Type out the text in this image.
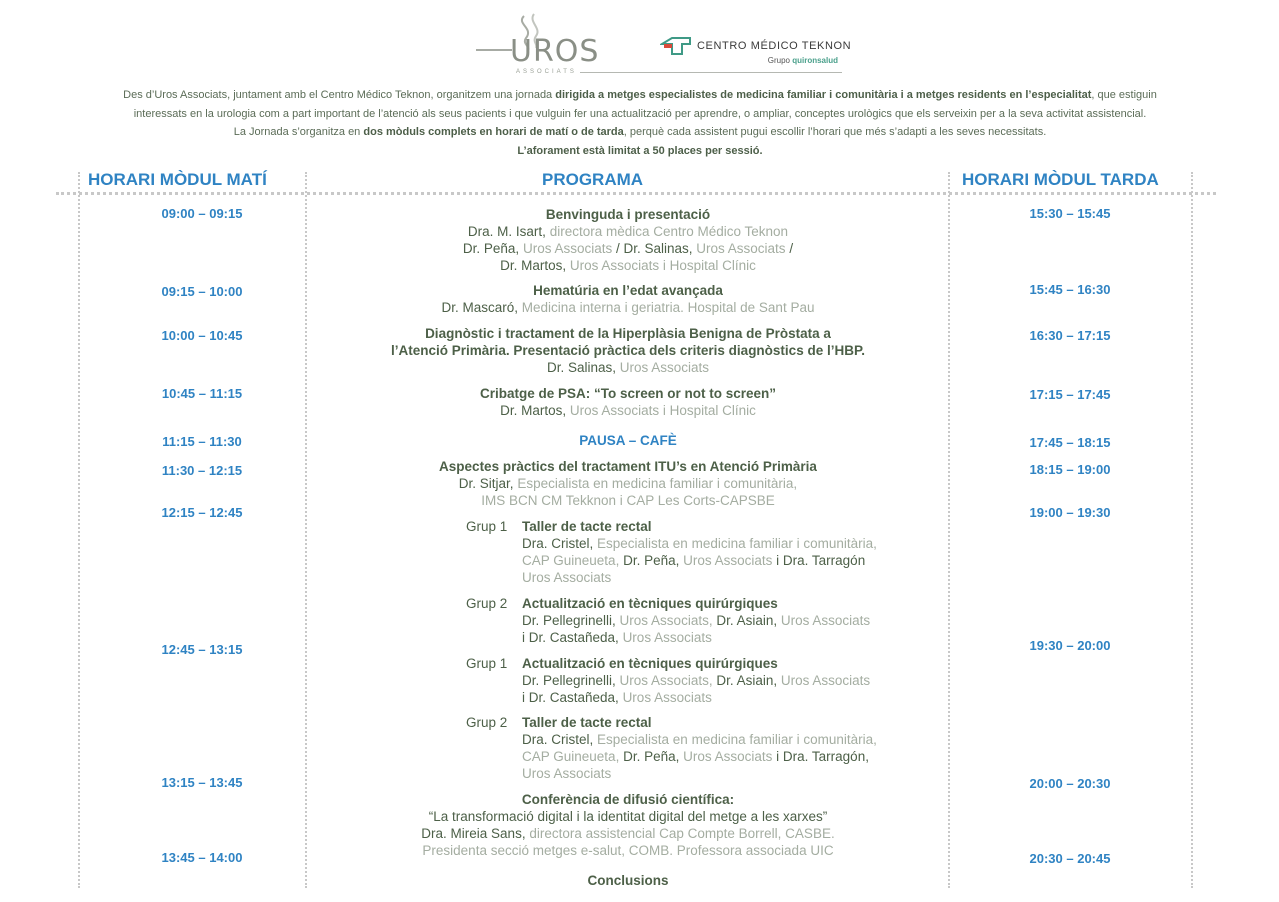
UROS
ASSOCIATS
CENTRO MÉDICO TEKNON
Grupo quironsalud
Des d’Uros Associats, juntament amb el Centro Médico Teknon, organitzem una jornada dirigida a metges especialistes de medicina familiar i comunitària i a metges residents en l’especialitat, que estiguin
interessats en la urologia com a part important de l’atenció als seus pacients i que vulguin fer una actualització per aprendre, o ampliar, conceptes urològics que els serveixin per a la seva activitat assistencial.
La Jornada s’organitza en dos mòduls complets en horari de matí o de tarda, perquè cada assistent pugui escollir l’horari que més s’adapti a les seves necessitats.
L’aforament està limitat a 50 places per sessió.
HORARI MÒDUL MATÍ	PROGRAMA	HORARI MÒDUL TARDA
09:00 – 09:15
09:15 – 10:00
10:00 – 10:45
10:45 – 11:15
11:15 – 11:30
11:30 – 12:15
12:15 – 12:45
12:45 – 13:15
13:15 – 13:45
13:45 – 14:00
15:30 – 15:45
15:45 – 16:30
16:30 – 17:15
17:15 – 17:45
17:45 – 18:15
18:15 – 19:00
19:00 – 19:30
19:30 – 20:00
20:00 – 20:30
20:30 – 20:45
Benvinguda i presentació
Dra. M. Isart, directora mèdica Centro Médico Teknon
Dr. Peña, Uros Associats / Dr. Salinas, Uros Associats /
Dr. Martos, Uros Associats i Hospital Clínic
Hematúria en l’edat avançada
Dr. Mascaró, Medicina interna i geriatria. Hospital de Sant Pau
Diagnòstic i tractament de la Hiperplàsia Benigna de Pròstata a
l’Atenció Primària. Presentació pràctica dels criteris diagnòstics de l’HBP.
Dr. Salinas, Uros Associats
Cribatge de PSA: “To screen or not to screen”
Dr. Martos, Uros Associats i Hospital Clínic
PAUSA – CAFÈ
Aspectes pràctics del tractament ITU’s en Atenció Primària
Dr. Sitjar, Especialista en medicina familiar i comunitària,
IMS BCN CM Tekknon i CAP Les Corts-CAPSBE
Grup 1 Taller de tacte rectal
Dra. Cristel, Especialista en medicina familiar i comunitària,
CAP Guineueta, Dr. Peña, Uros Associats i Dra. Tarragón
Uros Associats
Grup 2 Actualització en tècniques quirúrgiques
Dr. Pellegrinelli, Uros Associats, Dr. Asiain, Uros Associats
i Dr. Castañeda, Uros Associats
Grup 1 Actualització en tècniques quirúrgiques
Dr. Pellegrinelli, Uros Associats, Dr. Asiain, Uros Associats
i Dr. Castañeda, Uros Associats
Grup 2 Taller de tacte rectal
Dra. Cristel, Especialista en medicina familiar i comunitària,
CAP Guineueta, Dr. Peña, Uros Associats i Dra. Tarragón,
Uros Associats
Conferència de difusió científica:
“La transformació digital i la identitat digital del metge a les xarxes”
Dra. Mireia Sans, directora assistencial Cap Compte Borrell, CASBE.
Presidenta secció metges e-salut, COMB. Professora associada UIC
Conclusions
